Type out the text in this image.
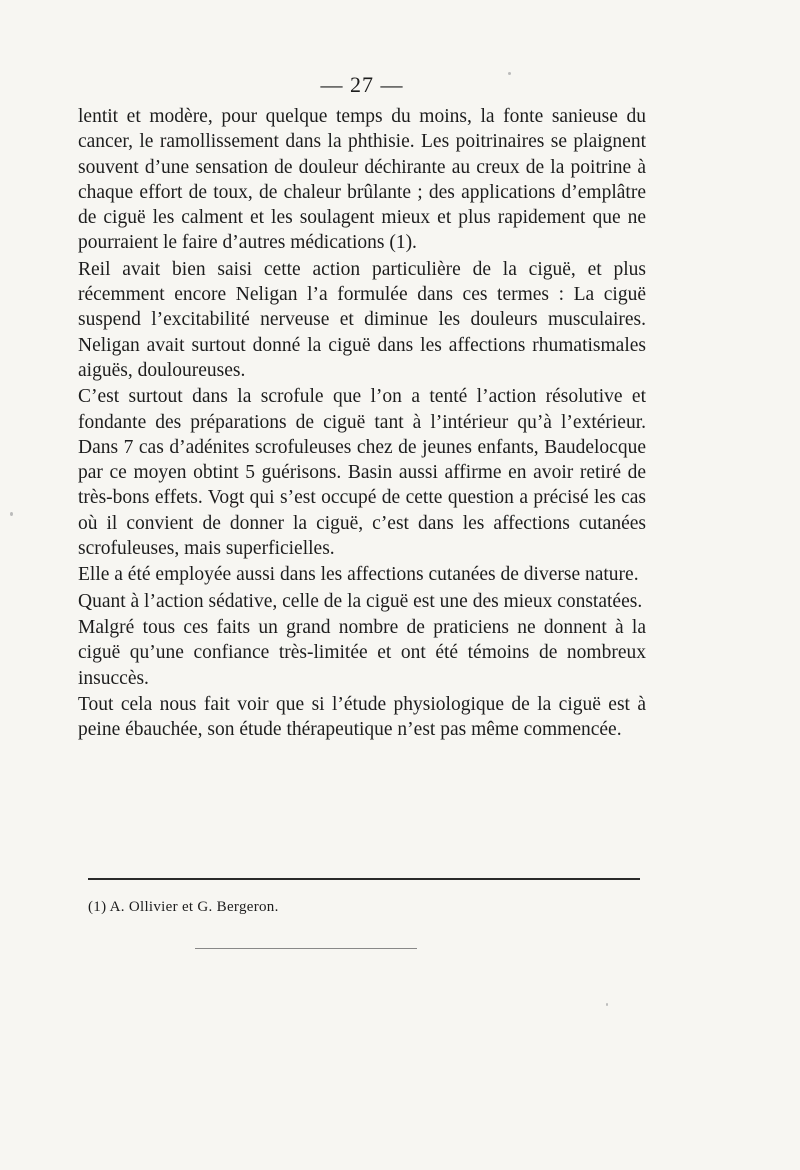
— 27 —

lentit et modère, pour quelque temps du moins, la fonte sanieuse du cancer, le ramollissement dans la phthisie. Les poitrinaires se plaignent souvent d’une sensation de douleur déchirante au creux de la poitrine à chaque effort de toux, de chaleur brûlante ; des applications d’emplâtre de ciguë les calment et les soulagent mieux et plus rapidement que ne pourraient le faire d’autres médications (1).

Reil avait bien saisi cette action particulière de la ciguë, et plus récemment encore Neligan l’a formulée dans ces termes : La ciguë suspend l’excitabilité nerveuse et diminue les douleurs musculaires. Neligan avait surtout donné la ciguë dans les affections rhumatismales aiguës, douloureuses.

C’est surtout dans la scrofule que l’on a tenté l’action résolutive et fondante des préparations de ciguë tant à l’intérieur qu’à l’extérieur. Dans 7 cas d’adénites scrofuleuses chez de jeunes enfants, Baudelocque par ce moyen obtint 5 guérisons. Basin aussi affirme en avoir retiré de très-bons effets. Vogt qui s’est occupé de cette question a précisé les cas où il convient de donner la ciguë, c’est dans les affections cutanées scrofuleuses, mais superficielles.

Elle a été employée aussi dans les affections cutanées de diverse nature.

Quant à l’action sédative, celle de la ciguë est une des mieux constatées.

Malgré tous ces faits un grand nombre de praticiens ne donnent à la ciguë qu’une confiance très-limitée et ont été témoins de nombreux insuccès.

Tout cela nous fait voir que si l’étude physiologique de la ciguë est à peine ébauchée, son étude thérapeutique n’est pas même commencée.

(1) A. Ollivier et G. Bergeron.
